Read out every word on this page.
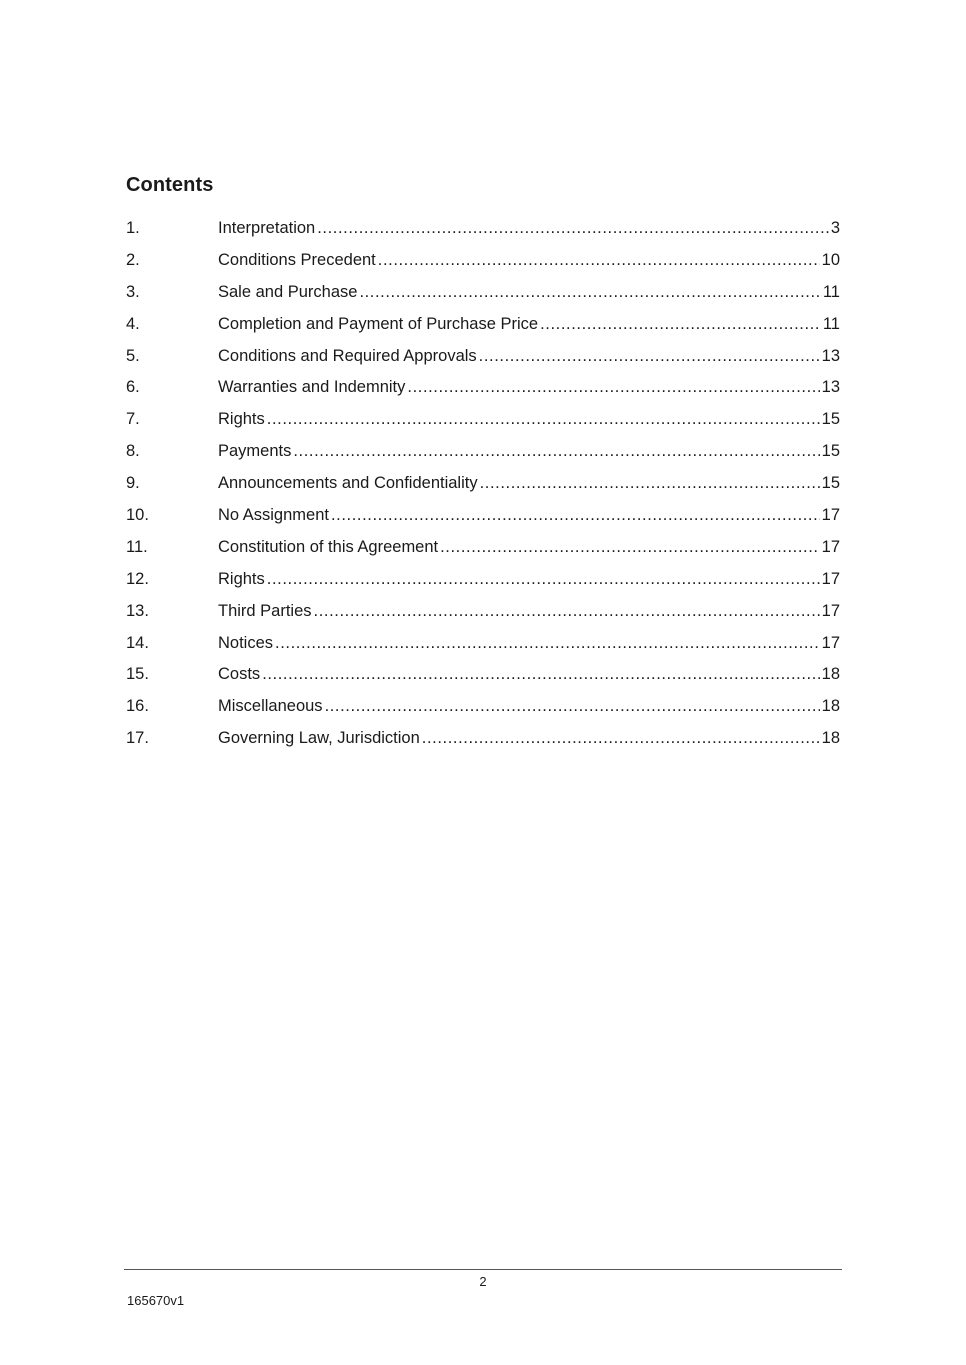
Contents
1.	Interpretation .....	3
2.	Conditions Precedent .....	10
3.	Sale and Purchase .....	11
4.	Completion and Payment of Purchase Price .....	11
5.	Conditions and Required Approvals .....	13
6.	Warranties and Indemnity .....	13
7.	Rights .....	15
8.	Payments .....	15
9.	Announcements and Confidentiality .....	15
10.	No Assignment .....	17
11.	Constitution of this Agreement .....	17
12.	Rights .....	17
13.	Third Parties .....	17
14.	Notices .....	17
15.	Costs .....	18
16.	Miscellaneous .....	18
17.	Governing Law, Jurisdiction .....	18
2
165670v1
